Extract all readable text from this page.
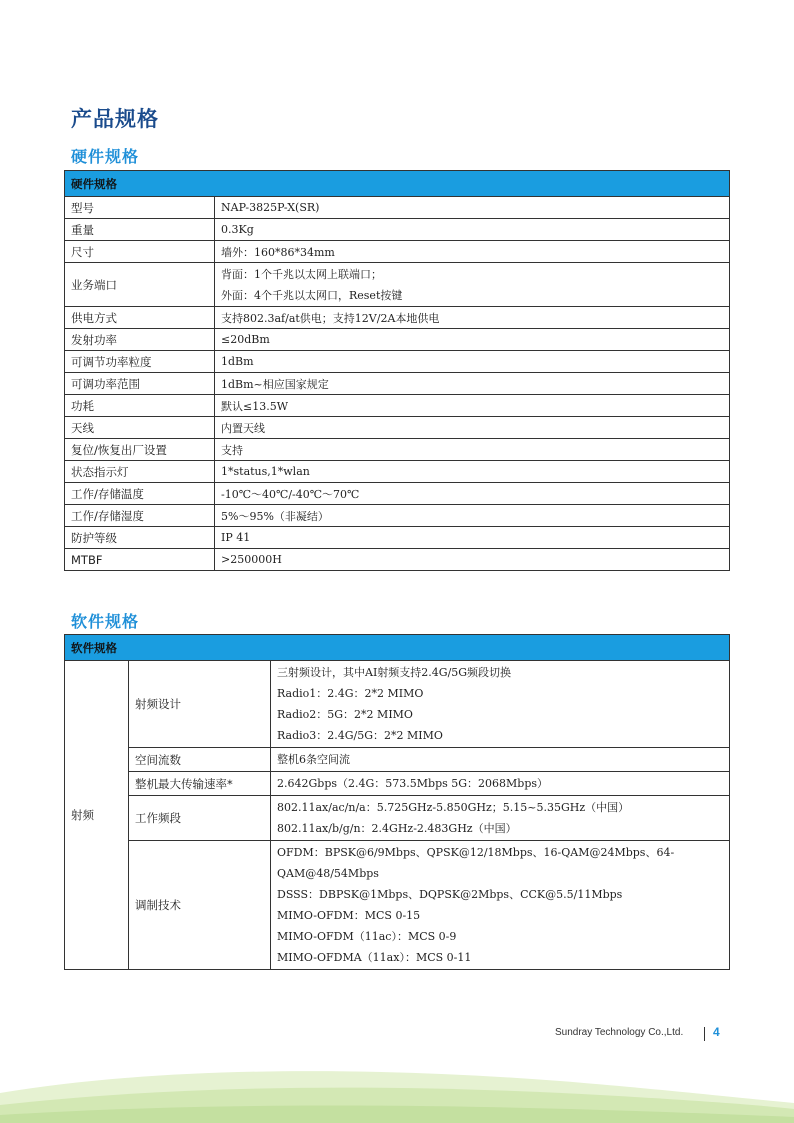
产品规格
硬件规格
硬件规格	
型号	NAP-3825P-X(SR)
重量	0.3Kg
尺寸	墙外：160*86*34mm
业务端口	背面：1个千兆以太网上联端口；
外面：4个千兆以太网口，Reset按键

供电方式	支持802.3af/at供电；支持12V/2A本地供电
发射功率	≤20dBm
可调节功率粒度	1dBm
可调功率范围	1dBm~相应国家规定
功耗	默认≤13.5W
天线	内置天线
复位/恢复出厂设置	支持
状态指示灯	1*status,1*wlan
工作/存储温度	-10℃～40℃/-40℃～70℃
工作/存储湿度	5%～95%（非凝结）
防护等级	IP 41
MTBF	>250000H
软件规格
软件规格		
射频	射频设计	三射频设计，其中AI射频支持2.4G/5G频段切换
Radio1：2.4G：2*2 MIMO
Radio2：5G：2*2 MIMO
Radio3：2.4G/5G：2*2 MIMO

	空间流数	整机6条空间流

	整机最大传输速率*	2.642Gbps（2.4G：573.5Mbps 5G：2068Mbps）

	工作频段	802.11ax/ac/n/a：5.725GHz-5.850GHz；5.15~5.35GHz（中国）
802.11ax/b/g/n：2.4GHz-2.483GHz（中国）

	调制技术	OFDM：BPSK@6/9Mbps、QPSK@12/18Mbps、16-QAM@24Mbps、64-QAM@48/54Mbps
DSSS：DBPSK@1Mbps、DQPSK@2Mbps、CCK@5.5/11Mbps
MIMO-OFDM：MCS 0-15
MIMO-OFDM（11ac）：MCS 0-9
MIMO-OFDMA（11ax）：MCS 0-11
Sundray Technology Co.,Ltd. 4
